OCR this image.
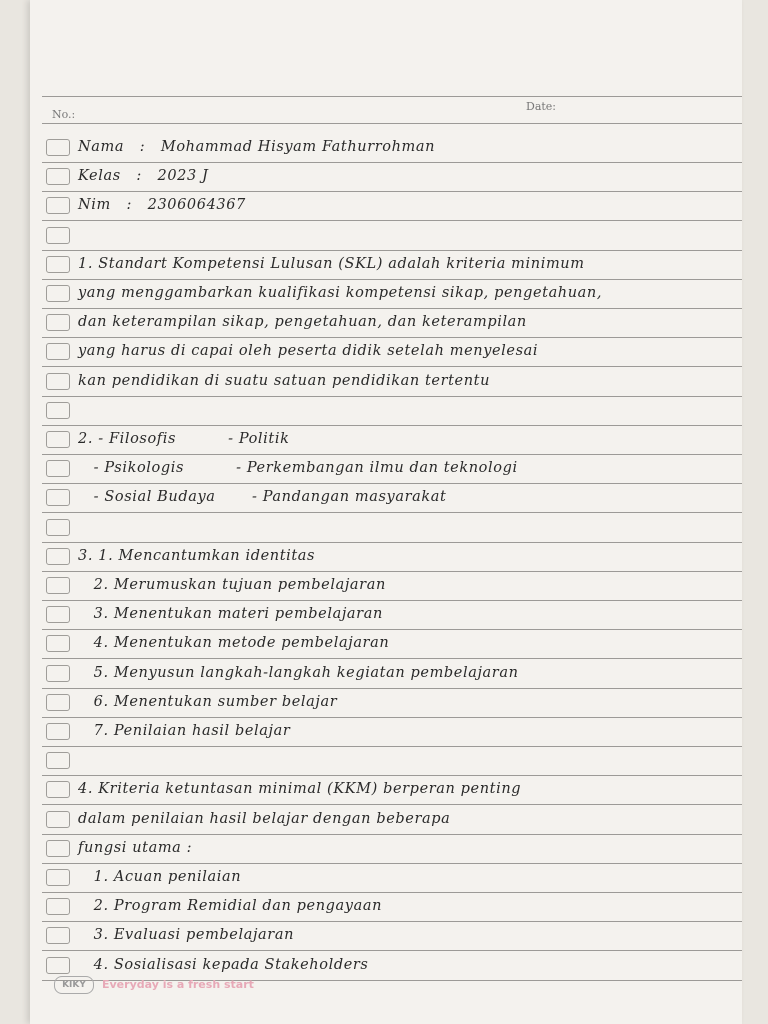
No.:
Date:
Nama   :   Mohammad Hisyam Fathurrohman
Kelas   :   2023 J
Nim   :   2306064367
1. Standart Kompetensi Lulusan (SKL) adalah kriteria minimum
yang menggambarkan kualifikasi kompetensi sikap, pengetahuan,
dan keterampilan sikap, pengetahuan, dan keterampilan
yang harus di capai oleh peserta didik setelah menyelesai
kan pendidikan di suatu satuan pendidikan tertentu
2. - Filosofis          - Politik
- Psikologis          - Perkembangan ilmu dan teknologi
- Sosial Budaya       - Pandangan masyarakat
3. 1. Mencantumkan identitas
2. Merumuskan tujuan pembelajaran
3. Menentukan materi pembelajaran
4. Menentukan metode pembelajaran
5. Menyusun langkah-langkah kegiatan pembelajaran
6. Menentukan sumber belajar
7. Penilaian hasil belajar
4. Kriteria ketuntasan minimal (KKM) berperan penting
dalam penilaian hasil belajar dengan beberapa
fungsi utama :
1. Acuan penilaian
2. Program Remidial dan pengayaan
3. Evaluasi pembelajaran
4. Sosialisasi kepada Stakeholders
KIKY	Everyday is a fresh start
